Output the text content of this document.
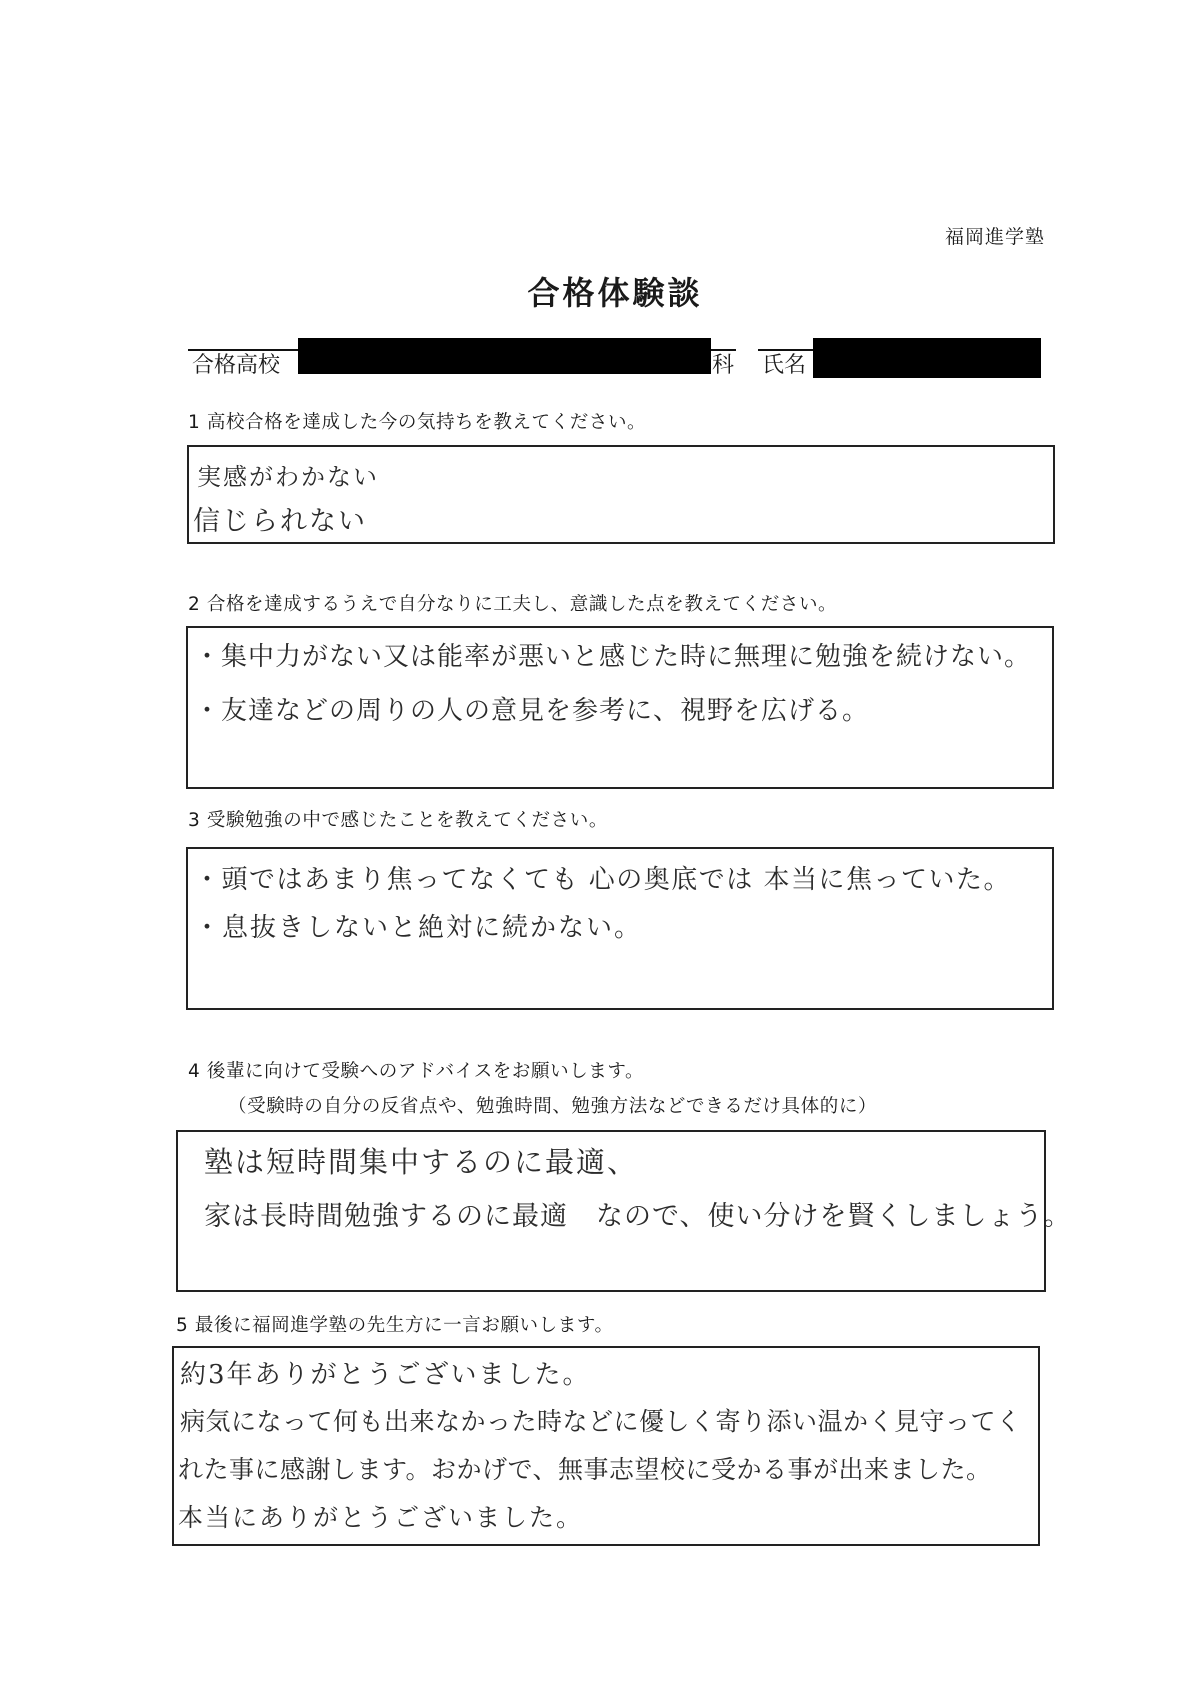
福岡進学塾
合格体験談
合格高校	科 氏名
1 高校合格を達成した今の気持ちを教えてください。
実感がわかない
信じられない
2 合格を達成するうえで自分なりに工夫し、意識した点を教えてください。
・集中力がない又は能率が悪いと感じた時に無理に勉強を続けない。
・友達などの周りの人の意見を参考に、視野を広げる。
3 受験勉強の中で感じたことを教えてください。
・頭ではあまり焦ってなくても 心の奥底では 本当に焦っていた。
・息抜きしないと絶対に続かない。
4 後輩に向けて受験へのアドバイスをお願いします。
（受験時の自分の反省点や、勉強時間、勉強方法などできるだけ具体的に）
塾は短時間集中するのに最適、
家は長時間勉強するのに最適　なので、使い分けを賢くしましょう。
5 最後に福岡進学塾の先生方に一言お願いします。
約3年ありがとうございました。
病気になって何も出来なかった時などに優しく寄り添い温かく見守ってく
れた事に感謝します。おかげで、無事志望校に受かる事が出来ました。
本当にありがとうございました。
